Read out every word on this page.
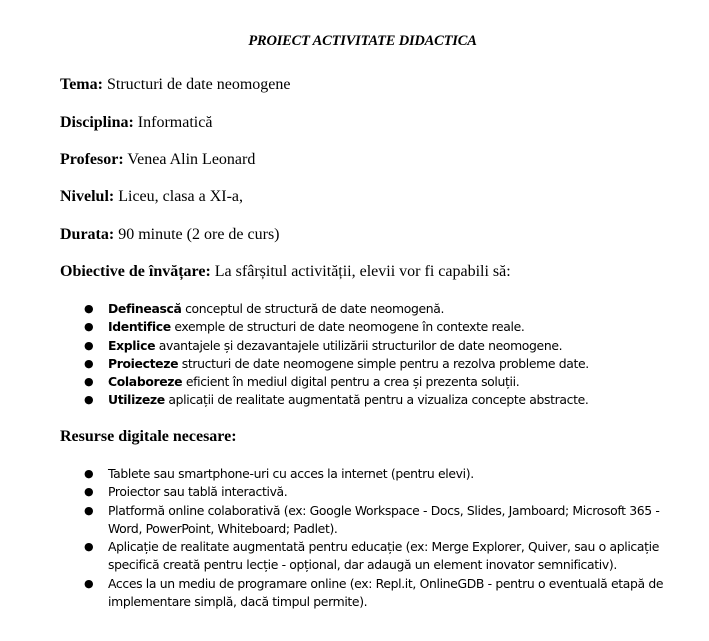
PROIECT ACTIVITATE DIDACTICA
Tema: Structuri de date neomogene
Disciplina: Informatică
Profesor: Venea Alin Leonard
Nivelul: Liceu, clasa a XI-a,
Durata: 90 minute (2 ore de curs)
Obiective de învățare: La sfârșitul activității, elevii vor fi capabili să:
● Definească conceptul de structură de date neomogenă.
● Identifice exemple de structuri de date neomogene în contexte reale.
● Explice avantajele și dezavantajele utilizării structurilor de date neomogene.
● Proiecteze structuri de date neomogene simple pentru a rezolva probleme date.
● Colaboreze eficient în mediul digital pentru a crea și prezenta soluții.
● Utilizeze aplicații de realitate augmentată pentru a vizualiza concepte abstracte.
Resurse digitale necesare:
● Tablete sau smartphone-uri cu acces la internet (pentru elevi).
● Proiector sau tablă interactivă.
● Platformă online colaborativă (ex: Google Workspace - Docs, Slides, Jamboard; Microsoft 365 - Word, PowerPoint, Whiteboard; Padlet).
● Aplicație de realitate augmentată pentru educație (ex: Merge Explorer, Quiver, sau o aplicație specifică creată pentru lecție - opțional, dar adaugă un element inovator semnificativ).
● Acces la un mediu de programare online (ex: Repl.it, OnlineGDB - pentru o eventuală etapă de implementare simplă, dacă timpul permite).
